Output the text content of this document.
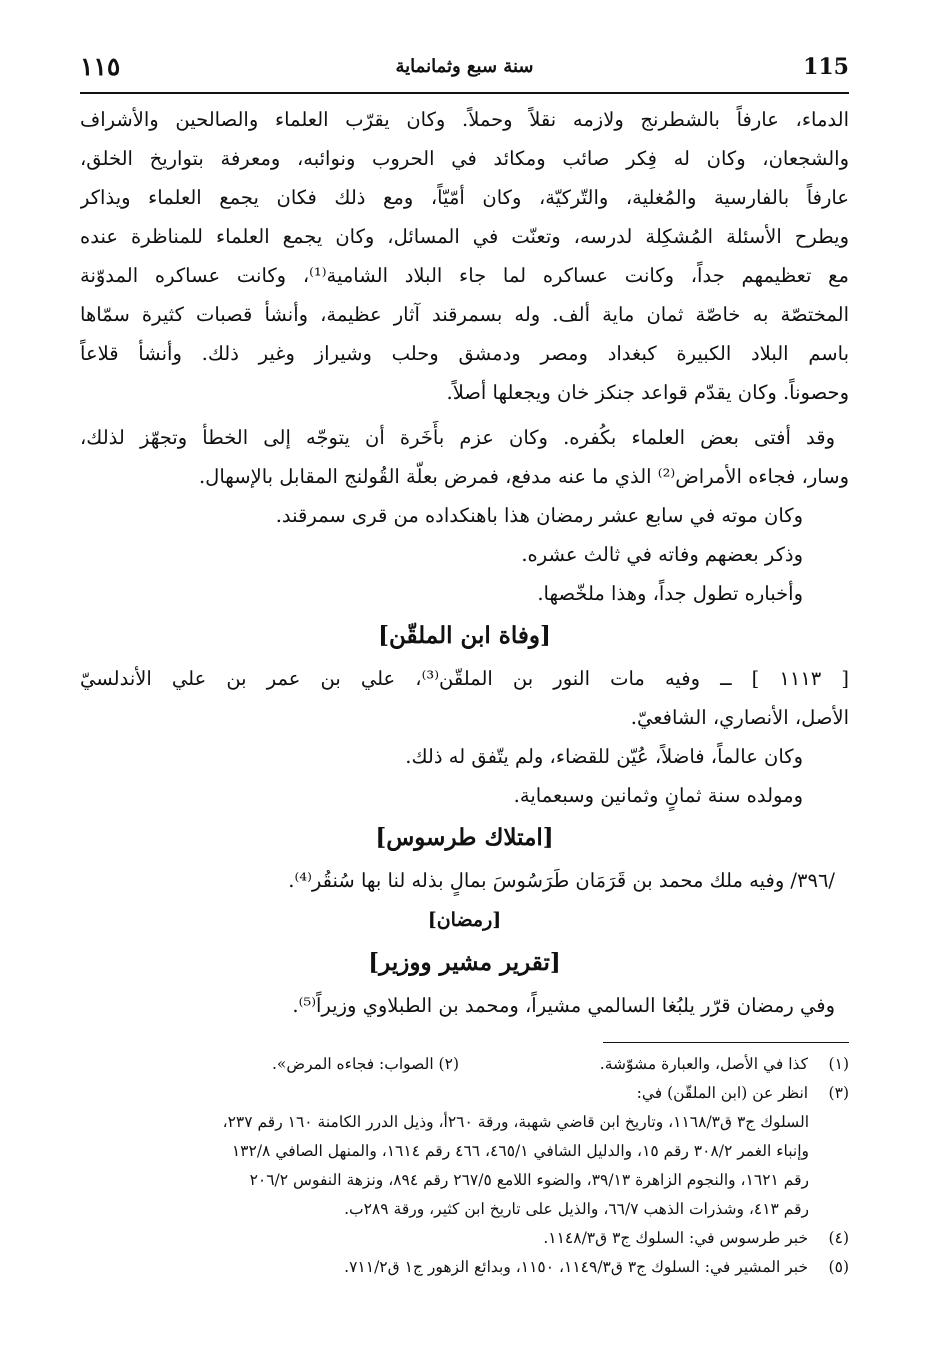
١١٥	سنة سبع وثمانماية	115
الدماء، عارفاً بالشطرنج ولازمه نقلاً وحملاً. وكان يقرّب العلماء والصالحين والأشراف
والشجعان، وكان له فِكر صائب ومكائد في الحروب ونوائبه، ومعرفة بتواريخ الخلق،
عارفاً بالفارسية والمُغلية، والتّركيّة، وكان أمّيّاً، ومع ذلك فكان يجمع العلماء ويذاكر
ويطرح الأسئلة المُشكِلة لدرسه، وتعنّت في المسائل، وكان يجمع العلماء للمناظرة عنده
مع تعظيمهم جداً، وكانت عساكره لما جاء البلاد الشامية⁽¹⁾، وكانت عساكره المدوّنة
المختصّة به خاصّة ثمان ماية ألف. وله بسمرقند آثار عظيمة، وأنشأ قصبات كثيرة سمّاها
باسم البلاد الكبيرة كبغداد ومصر ودمشق وحلب وشيراز وغير ذلك. وأنشأ قلاعاً
وحصوناً. وكان يقدّم قواعد جنكز خان ويجعلها أصلاً.
وقد أفتى بعض العلماء بكُفره. وكان عزم بأَخَرة أن يتوجّه إلى الخطأ وتجهّز لذلك،
وسار، فجاءه الأمراض⁽²⁾ الذي ما عنه مدفع، فمرض بعلّة القُولنج المقابل بالإسهال.
وكان موته في سابع عشر رمضان هذا باهنكداده من قرى سمرقند.
وذكر بعضهم وفاته في ثالث عشره.
وأخباره تطول جداً، وهذا ملخّصها.
[وفاة ابن الملقّن]
[ ١١١٣ ] ــ وفيه مات النور بن الملقّن⁽³⁾، علي بن عمر بن علي الأندلسيّ
الأصل، الأنصاري، الشافعيّ.
وكان عالماً، فاضلاً، عُيّن للقضاء، ولم يتّفق له ذلك.
ومولده سنة ثمانٍ وثمانين وسبعماية.
[امتلاك طرسوس]
/٣٩٦/ وفيه ملك محمد بن قَرَمَان طَرَسُوسَ بمالٍ بذله لنا بها سُنقُر⁽⁴⁾.
[رمضان]
[تقرير مشير ووزير]
وفي رمضان قرّر يلبُغا السالمي مشيراً، ومحمد بن الطبلاوي وزيراً⁽⁵⁾.
(١) كذا في الأصل، والعبارة مشوّشة.
(٢) الصواب: فجاءه المرض».
(٣) انظر عن (ابن الملقّن) في:
السلوك ج٣ ق١١٦٨/٣، وتاريخ ابن قاضي شهبة، ورقة ٢٦٠أ، وذيل الدرر الكامنة ١٦٠ رقم ٢٣٧،
وإنباء الغمر ٣٠٨/٢ رقم ١٥، والدليل الشافي ٤٦٥/١، ٤٦٦ رقم ١٦١٤، والمنهل الصافي ١٣٢/٨
رقم ١٦٢١، والنجوم الزاهرة ٣٩/١٣، والضوء اللامع ٢٦٧/٥ رقم ٨٩٤، ونزهة النفوس ٢٠٦/٢
رقم ٤١٣، وشذرات الذهب ٦٦/٧، والذيل على تاريخ ابن كثير، ورقة ٢٨٩ب.
(٤) خبر طرسوس في: السلوك ج٣ ق١١٤٨/٣.
(٥) خبر المشير في: السلوك ج٣ ق١١٤٩/٣، ١١٥٠، وبدائع الزهور ج١ ق٧١١/٢.
